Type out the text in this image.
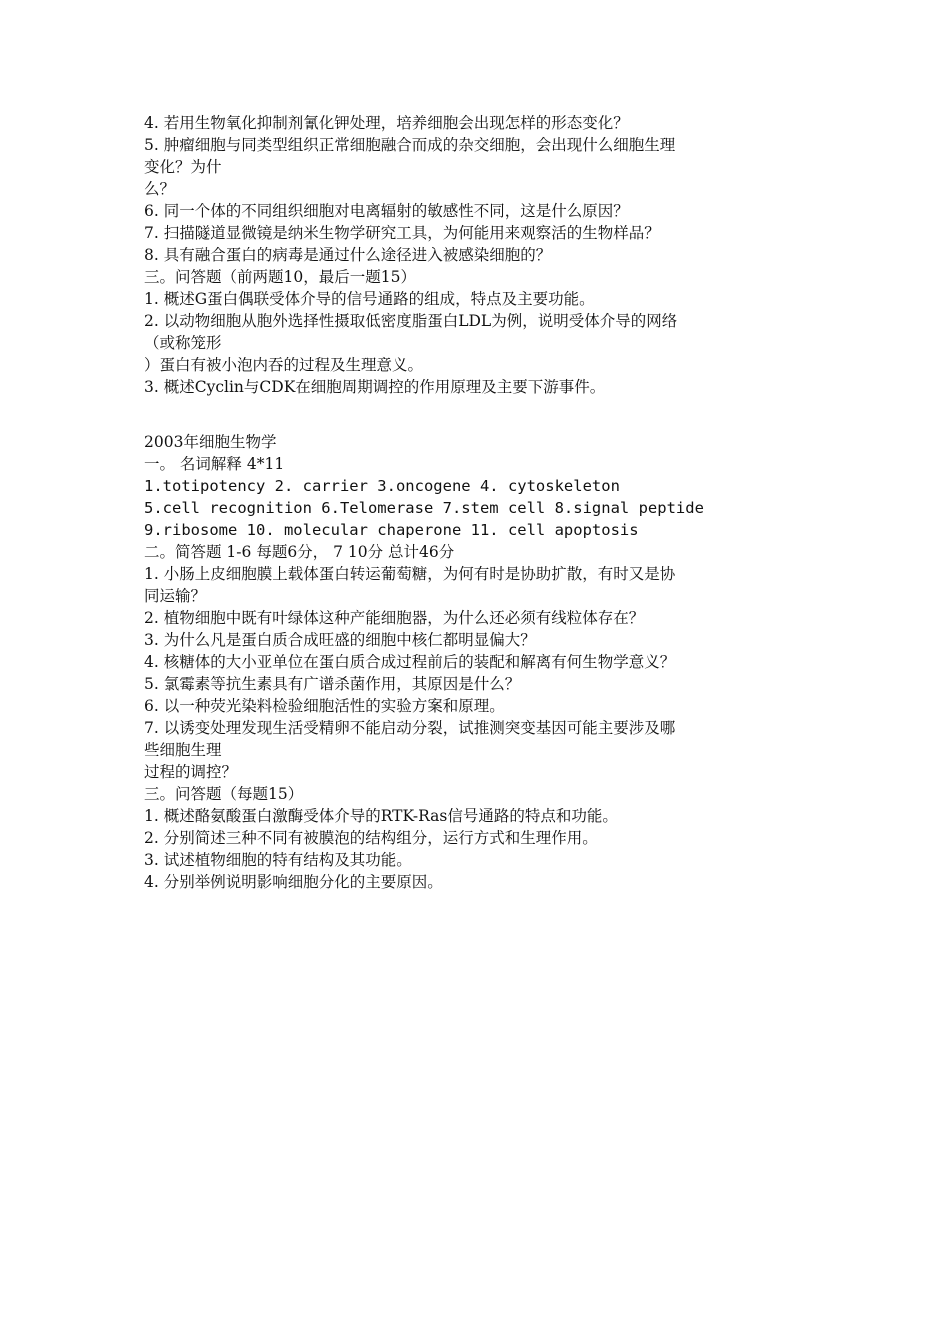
4. 若用生物氧化抑制剂氰化钾处理，培养细胞会出现怎样的形态变化？
5. 肿瘤细胞与同类型组织正常细胞融合而成的杂交细胞，会出现什么细胞生理
变化？为什
么？
6. 同一个体的不同组织细胞对电离辐射的敏感性不同，这是什么原因？
7. 扫描隧道显微镜是纳米生物学研究工具，为何能用来观察活的生物样品？
8. 具有融合蛋白的病毒是通过什么途径进入被感染细胞的？
三。问答题（前两题10，最后一题15）
1. 概述G蛋白偶联受体介导的信号通路的组成，特点及主要功能。
2. 以动物细胞从胞外选择性摄取低密度脂蛋白LDL为例，说明受体介导的网络
（或称笼形
）蛋白有被小泡内吞的过程及生理意义。
3. 概述Cyclin与CDK在细胞周期调控的作用原理及主要下游事件。
2003年细胞生物学
一。 名词解释 4*11
1.totipotency 2. carrier 3.oncogene 4. cytoskeleton
5.cell recognition 6.Telomerase 7.stem cell 8.signal peptide
9.ribosome 10. molecular chaperone 11. cell apoptosis
二。简答题 1-6 每题6分， 7 10分 总计46分
1. 小肠上皮细胞膜上载体蛋白转运葡萄糖，为何有时是协助扩散，有时又是协
同运输？
2. 植物细胞中既有叶绿体这种产能细胞器，为什么还必须有线粒体存在？
3. 为什么凡是蛋白质合成旺盛的细胞中核仁都明显偏大？
4. 核糖体的大小亚单位在蛋白质合成过程前后的装配和解离有何生物学意义？
5. 氯霉素等抗生素具有广谱杀菌作用，其原因是什么？
6. 以一种荧光染料检验细胞活性的实验方案和原理。
7. 以诱变处理发现生活受精卵不能启动分裂，试推测突变基因可能主要涉及哪
些细胞生理
过程的调控？
三。问答题（每题15）
1. 概述酪氨酸蛋白激酶受体介导的RTK-Ras信号通路的特点和功能。
2. 分别简述三种不同有被膜泡的结构组分，运行方式和生理作用。
3. 试述植物细胞的特有结构及其功能。
4. 分别举例说明影响细胞分化的主要原因。
